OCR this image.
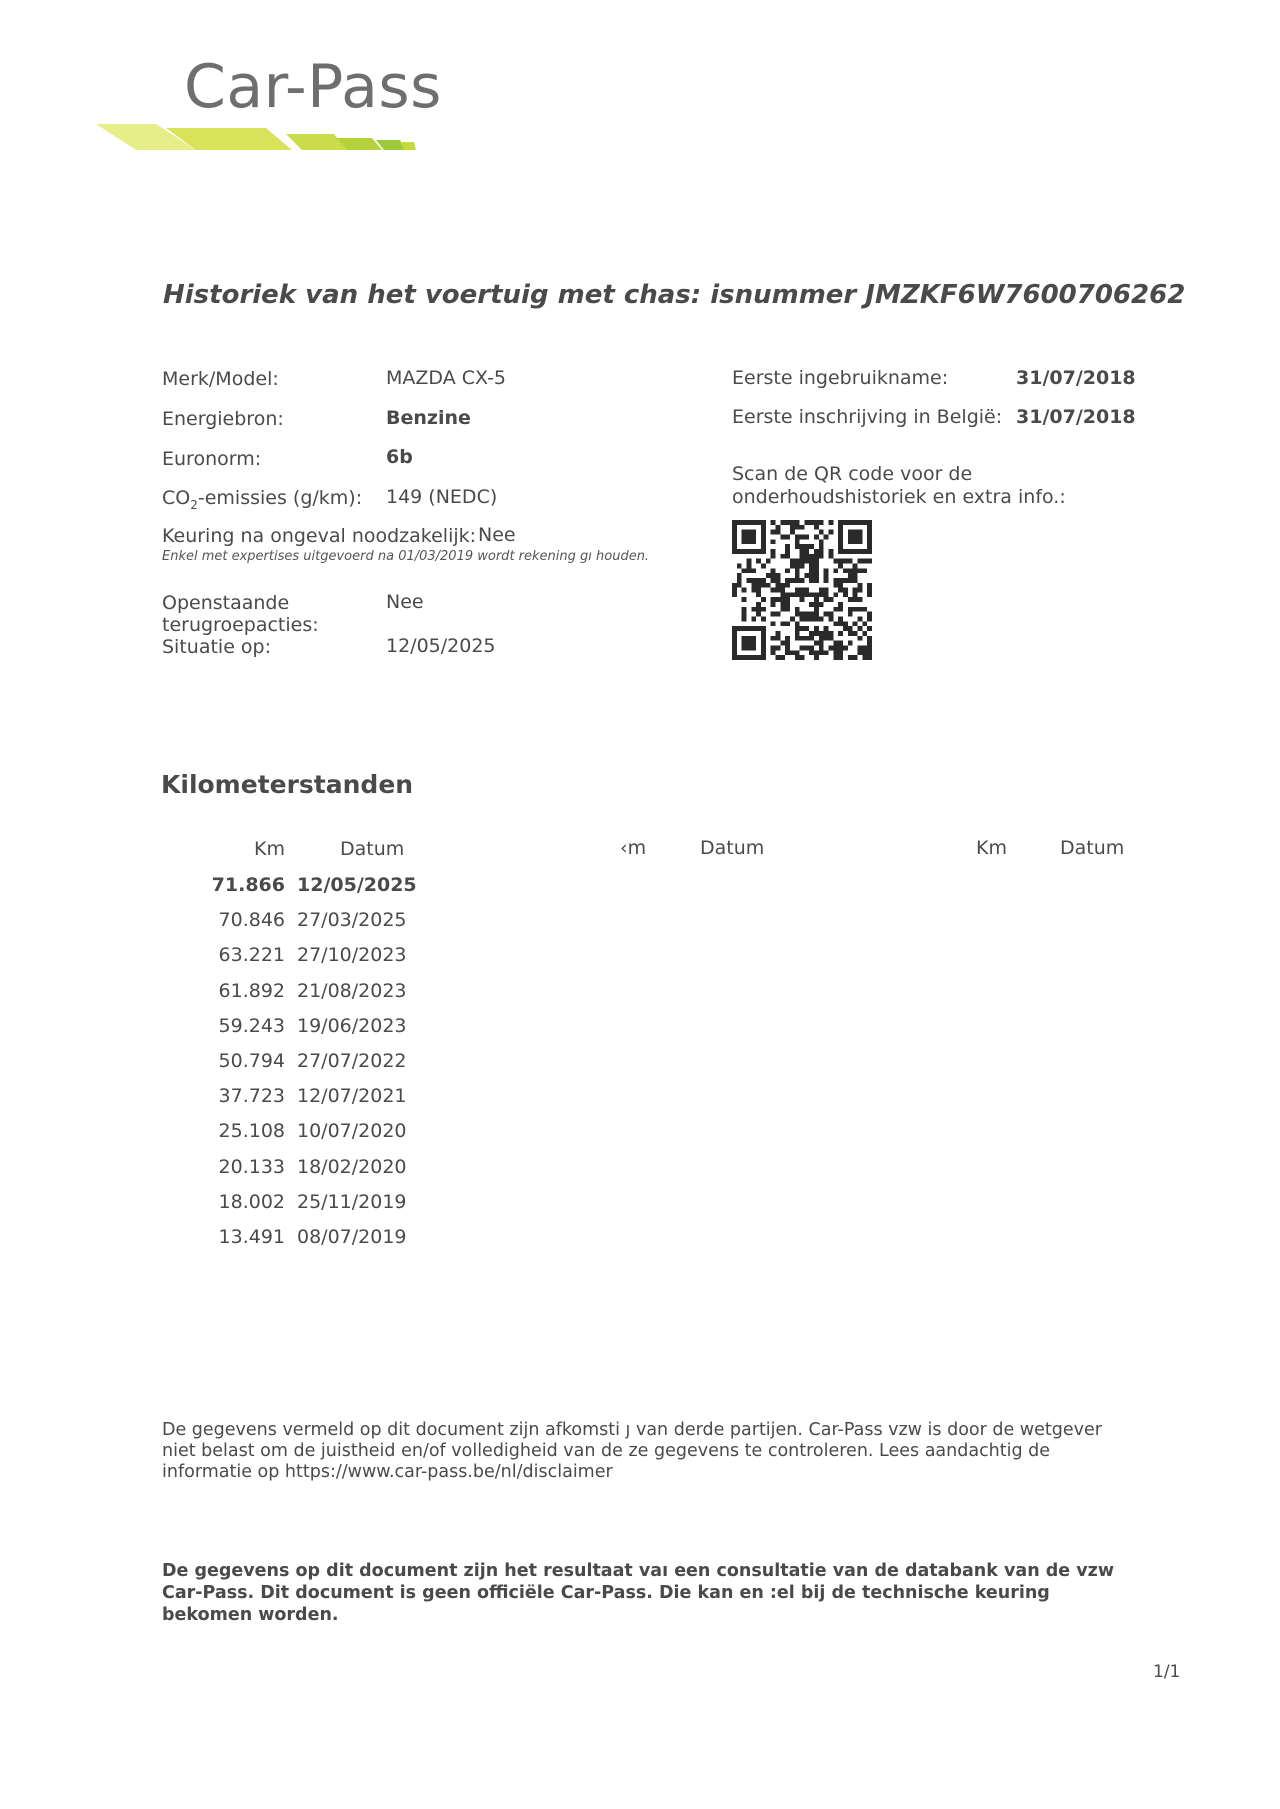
Car-Pass
Historiek van het voertuig met chas: isnummer JMZKF6W7600706262
Merk/Model:	MAZDA CX-5
Energiebron:	Benzine
Euronorm:	6b
$CO_2$-emissies (g/km): 149 (NEDC)
Keuring na ongeval noodzakelijk: Nee
Enkel met expertises uitgevoerd na 01/03/2019 wordt rekening gı houden.
Openstaande
terugroepacties:
Nee
Situatie op:	12/05/2025
Eerste ingebruikname:	31/07/2018
Eerste inschrijving in België: 31/07/2018
Scan de QR code voor de
onderhoudshistoriek en extra info.:
Kilometerstanden
Km	Datum	‹m	Datum	Km	Datum
71.866 12/05/2025
70.846 27/03/2025
63.221 27/10/2023
61.892 21/08/2023
59.243 19/06/2023
50.794 27/07/2022
37.723 12/07/2021
25.108 10/07/2020
20.133 18/02/2020
18.002 25/11/2019
13.491 08/07/2019
De gegevens vermeld op dit document zijn afkomsti ȷ van derde partijen. Car-Pass vzw is door de wetgever niet belast om de juistheid en/of volledigheid van de ze gegevens te controleren. Lees aandachtig de informatie op https://www.car-pass.be/nl/disclaimer
De gegevens op dit document zijn het resultaat vaı een consultatie van de databank van de vzw Car-Pass. Dit document is geen officiële Car-Pass. Die kan en :el bij de technische keuring bekomen worden.
1/1
